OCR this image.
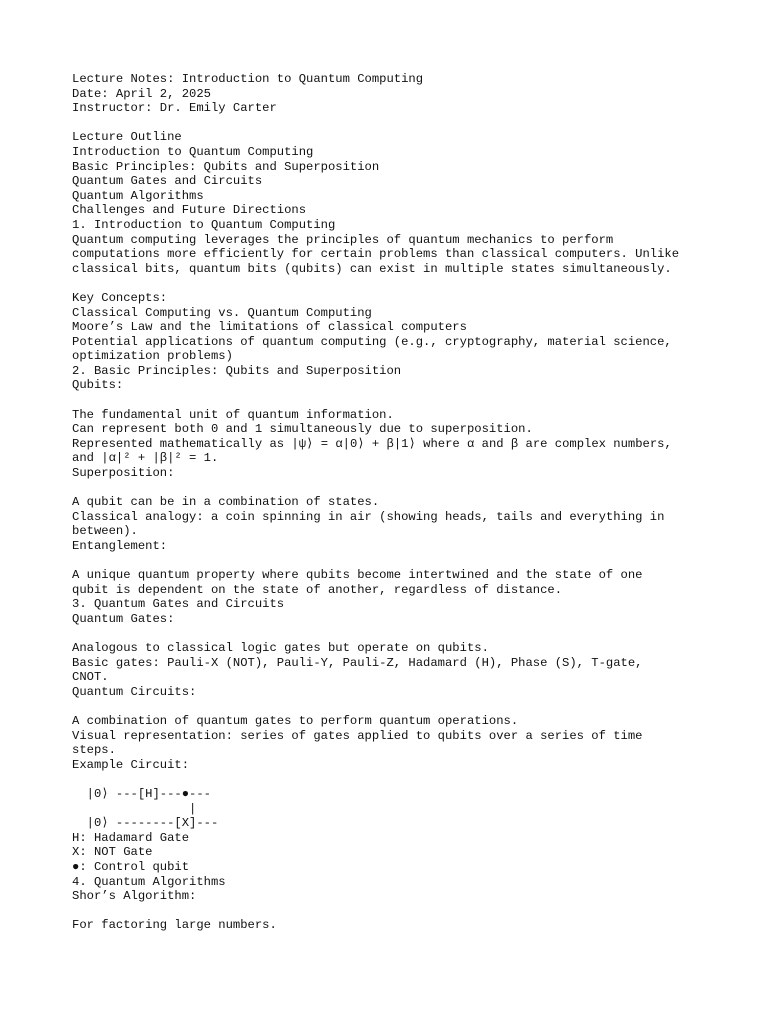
Lecture Notes: Introduction to Quantum Computing
Date: April 2, 2025
Instructor: Dr. Emily Carter
Lecture Outline
Introduction to Quantum Computing
Basic Principles: Qubits and Superposition
Quantum Gates and Circuits
Quantum Algorithms
Challenges and Future Directions
1. Introduction to Quantum Computing
Quantum computing leverages the principles of quantum mechanics to perform
computations more efficiently for certain problems than classical computers. Unlike
classical bits, quantum bits (qubits) can exist in multiple states simultaneously.
Key Concepts:
Classical Computing vs. Quantum Computing
Moore’s Law and the limitations of classical computers
Potential applications of quantum computing (e.g., cryptography, material science,
optimization problems)
2. Basic Principles: Qubits and Superposition
Qubits:
The fundamental unit of quantum information.
Can represent both 0 and 1 simultaneously due to superposition.
Represented mathematically as |ψ⟩ = α|0⟩ + β|1⟩ where α and β are complex numbers,
and |α|² + |β|² = 1.
Superposition:
A qubit can be in a combination of states.
Classical analogy: a coin spinning in air (showing heads, tails and everything in
between).
Entanglement:
A unique quantum property where qubits become intertwined and the state of one
qubit is dependent on the state of another, regardless of distance.
3. Quantum Gates and Circuits
Quantum Gates:
Analogous to classical logic gates but operate on qubits.
Basic gates: Pauli-X (NOT), Pauli-Y, Pauli-Z, Hadamard (H), Phase (S), T-gate,
CNOT.
Quantum Circuits:
A combination of quantum gates to perform quantum operations.
Visual representation: series of gates applied to qubits over a series of time
steps.
Example Circuit:
|0⟩ ---[H]---●---
|
|0⟩ --------[X]---
H: Hadamard Gate
X: NOT Gate
●: Control qubit
4. Quantum Algorithms
Shor’s Algorithm:
For factoring large numbers.
